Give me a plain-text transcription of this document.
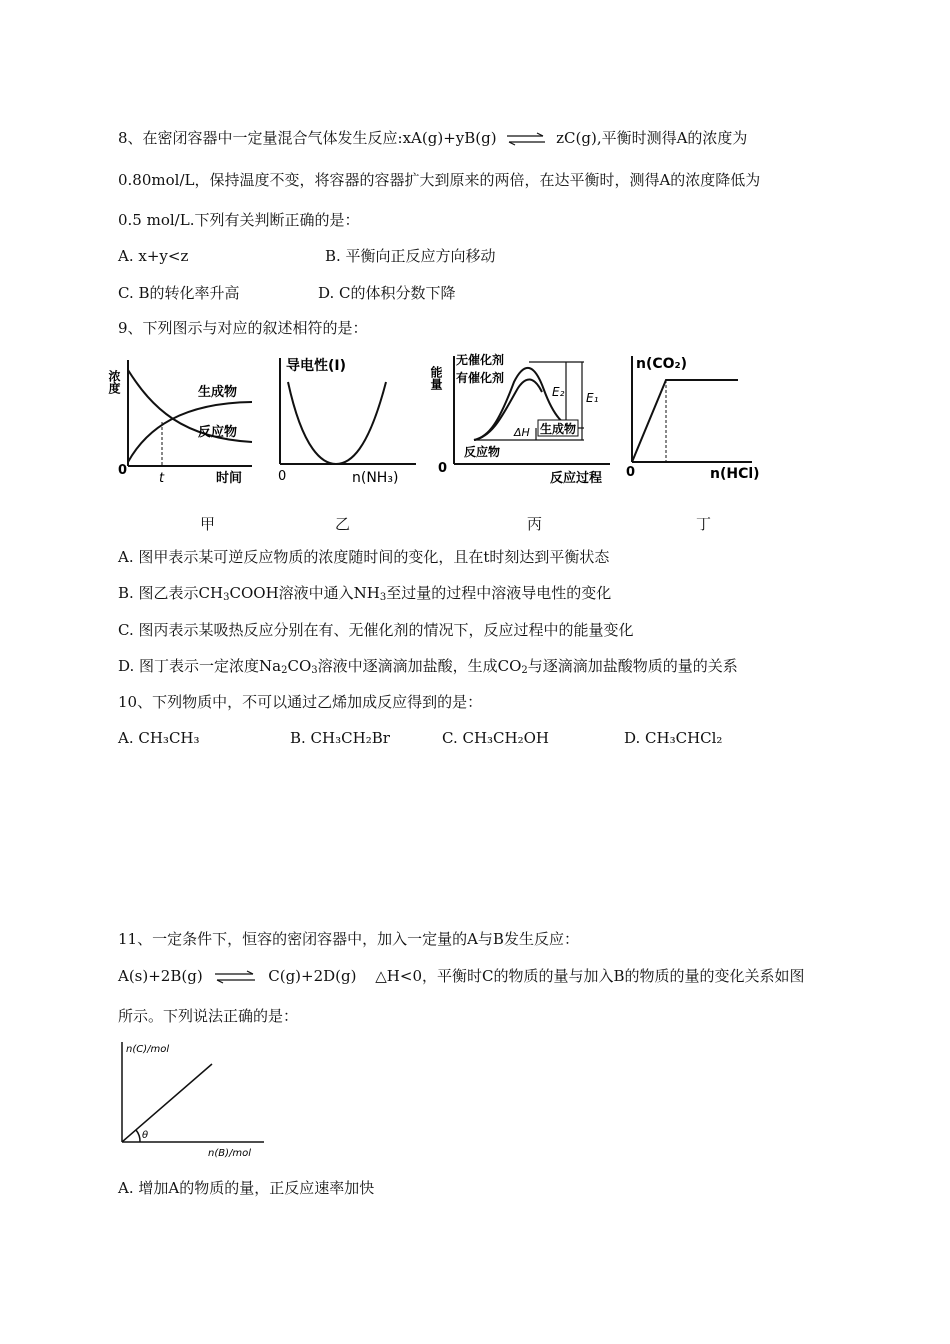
8、在密闭容器中一定量混合气体发生反应:xA(g)+yB(g) ⇌ zC(g),平衡时测得A的浓度为
0.80mol/L，保持温度不变，将容器的容器扩大到原来的两倍，在达平衡时，测得A的浓度降低为
0.5 mol/L.下列有关判断正确的是：
A. x+y<z	B. 平衡向正反应方向移动
C. B的转化率升高	D. C的体积分数下降
9、下列图示与对应的叙述相符的是：
浓度	生成物
反应物
0
t	时间
导电性(I)
0	n(NH₃)
能量
无催化剂
有催化剂
E₂ E₁
ΔH 生成物
反应物
0
反应过程
n(CO₂)
0	n(HCl)
甲	乙	丙	丁
A. 图甲表示某可逆反应物质的浓度随时间的变化，且在t时刻达到平衡状态
B. 图乙表示$CH_3COOH$溶液中通入$NH_3$至过量的过程中溶液导电性的变化
C. 图丙表示某吸热反应分别在有、无催化剂的情况下，反应过程中的能量变化
D. 图丁表示一定浓度$Na_2CO_3$溶液中逐滴滴加盐酸，生成$CO_2$与逐滴滴加盐酸物质的量的关系
10、下列物质中，不可以通过乙烯加成反应得到的是：
A. CH₃CH₃	B. CH₃CH₂Br	C. CH₃CH₂OH	D. CH₃CHCl₂
11、一定条件下，恒容的密闭容器中，加入一定量的A与B发生反应：
A(s)+2B(g) ⇌ C(g)+2D(g) △H<0，平衡时C的物质的量与加入B的物质的量的变化关系如图
所示。下列说法正确的是：
n(C)/mol
θ
n(B)/mol
A. 增加A的物质的量，正反应速率加快
